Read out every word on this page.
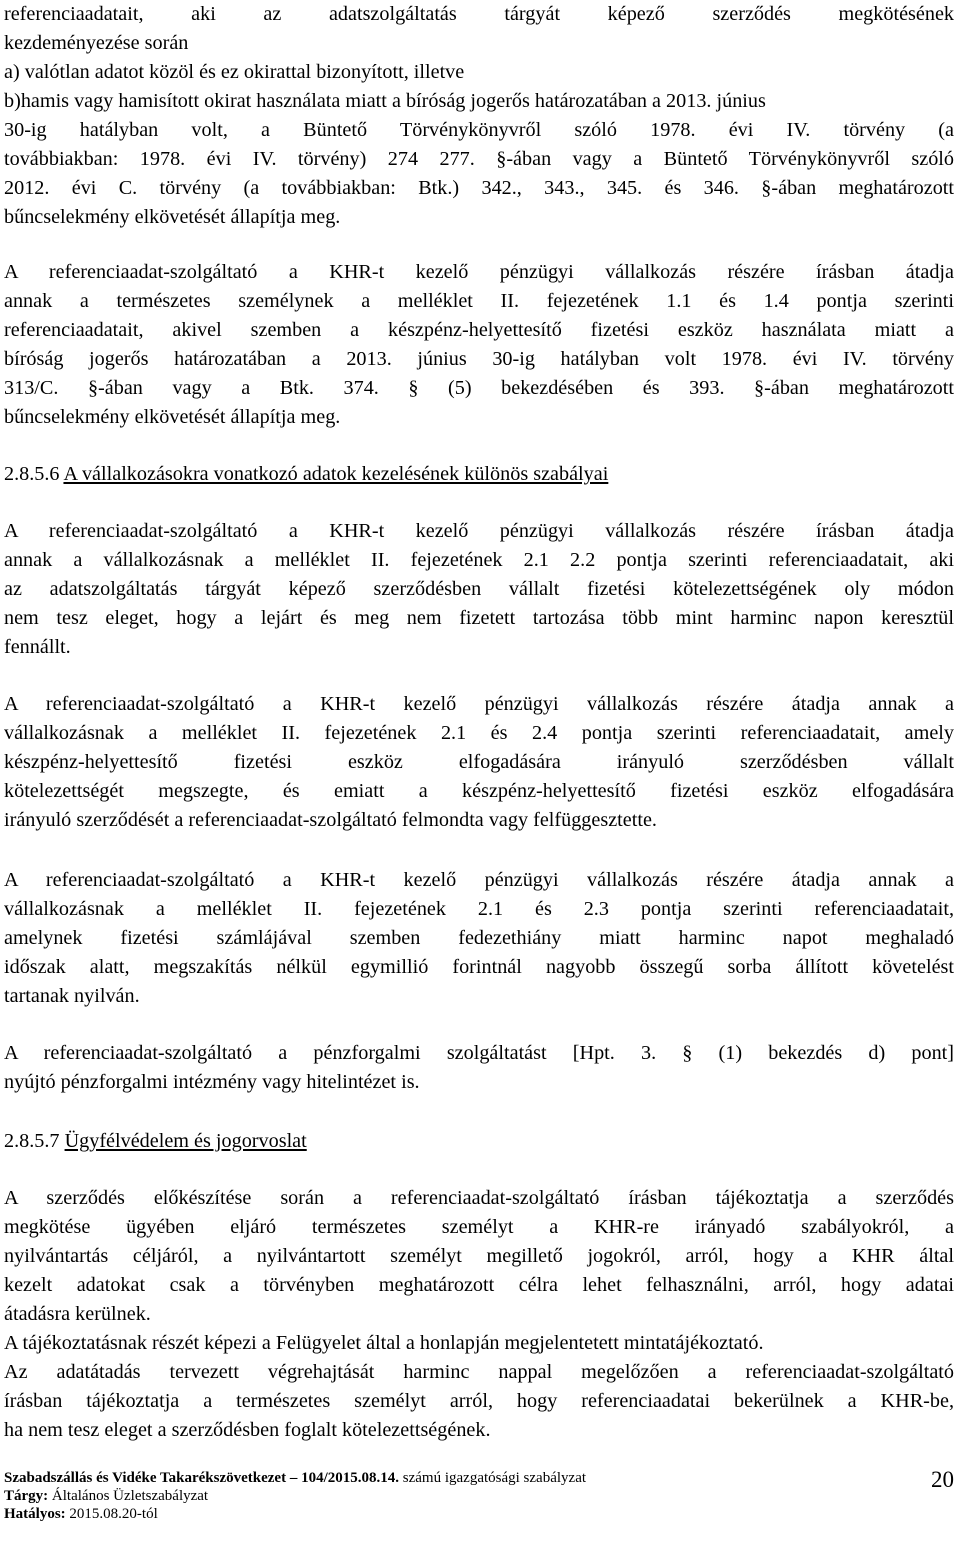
referenciaadatait, aki az adatszolgáltatás tárgyát képező szerződés megkötésének
kezdeményezése során
a) valótlan adatot közöl és ez okirattal bizonyított, illetve
b)hamis vagy hamisított okirat használata miatt a bíróság jogerős határozatában a 2013. június
30-ig hatályban volt, a Büntető Törvénykönyvről szóló 1978. évi IV. törvény (a
továbbiakban: 1978. évi IV. törvény) 274 277. §-ában vagy a Büntető Törvénykönyvről szóló
2012. évi C. törvény (a továbbiakban: Btk.) 342., 343., 345. és 346. §-ában meghatározott
bűncselekmény elkövetését állapítja meg.
A referenciaadat-szolgáltató a KHR-t kezelő pénzügyi vállalkozás részére írásban átadja
annak a természetes személynek a melléklet II. fejezetének 1.1 és 1.4 pontja szerinti
referenciaadatait, akivel szemben a készpénz-helyettesítő fizetési eszköz használata miatt a
bíróság jogerős határozatában a 2013. június 30-ig hatályban volt 1978. évi IV. törvény
313/C. §-ában vagy a Btk. 374. § (5) bekezdésében és 393. §-ában meghatározott
bűncselekmény elkövetését állapítja meg.
2.8.5.6 A vállalkozásokra vonatkozó adatok kezelésének különös szabályai
A referenciaadat-szolgáltató a KHR-t kezelő pénzügyi vállalkozás részére írásban átadja
annak a vállalkozásnak a melléklet II. fejezetének 2.1 2.2 pontja szerinti referenciaadatait, aki
az adatszolgáltatás tárgyát képező szerződésben vállalt fizetési kötelezettségének oly módon
nem tesz eleget, hogy a lejárt és meg nem fizetett tartozása több mint harminc napon keresztül
fennállt.
A referenciaadat-szolgáltató a KHR-t kezelő pénzügyi vállalkozás részére átadja annak a
vállalkozásnak a melléklet II. fejezetének 2.1 és 2.4 pontja szerinti referenciaadatait, amely
készpénz-helyettesítő fizetési eszköz elfogadására irányuló szerződésben vállalt
kötelezettségét megszegte, és emiatt a készpénz-helyettesítő fizetési eszköz elfogadására
irányuló szerződését a referenciaadat-szolgáltató felmondta vagy felfüggesztette.
A referenciaadat-szolgáltató a KHR-t kezelő pénzügyi vállalkozás részére átadja annak a
vállalkozásnak a melléklet II. fejezetének 2.1 és 2.3 pontja szerinti referenciaadatait,
amelynek fizetési számlájával szemben fedezethiány miatt harminc napot meghaladó
időszak alatt, megszakítás nélkül egymillió forintnál nagyobb összegű sorba állított követelést
tartanak nyilván.
A referenciaadat-szolgáltató a pénzforgalmi szolgáltatást [Hpt. 3. § (1) bekezdés d) pont]
nyújtó pénzforgalmi intézmény vagy hitelintézet is.
2.8.5.7 Ügyfélvédelem és jogorvoslat
A szerződés előkészítése során a referenciaadat-szolgáltató írásban tájékoztatja a szerződés
megkötése ügyében eljáró természetes személyt a KHR-re irányadó szabályokról, a
nyilvántartás céljáról, a nyilvántartott személyt megillető jogokról, arról, hogy a KHR által
kezelt adatokat csak a törvényben meghatározott célra lehet felhasználni, arról, hogy adatai
átadásra kerülnek.
A tájékoztatásnak részét képezi a Felügyelet által a honlapján megjelentetett mintatájékoztató.
Az adatátadás tervezett végrehajtását harminc nappal megelőzően a referenciaadat-szolgáltató
írásban tájékoztatja a természetes személyt arról, hogy referenciaadatai bekerülnek a KHR-be,
ha nem tesz eleget a szerződésben foglalt kötelezettségének.
Szabadszállás és Vidéke Takarékszövetkezet – 104/2015.08.14. számú igazgatósági szabályzat
Tárgy: Általános Üzletszabályzat
Hatályos: 2015.08.20-tól
20
